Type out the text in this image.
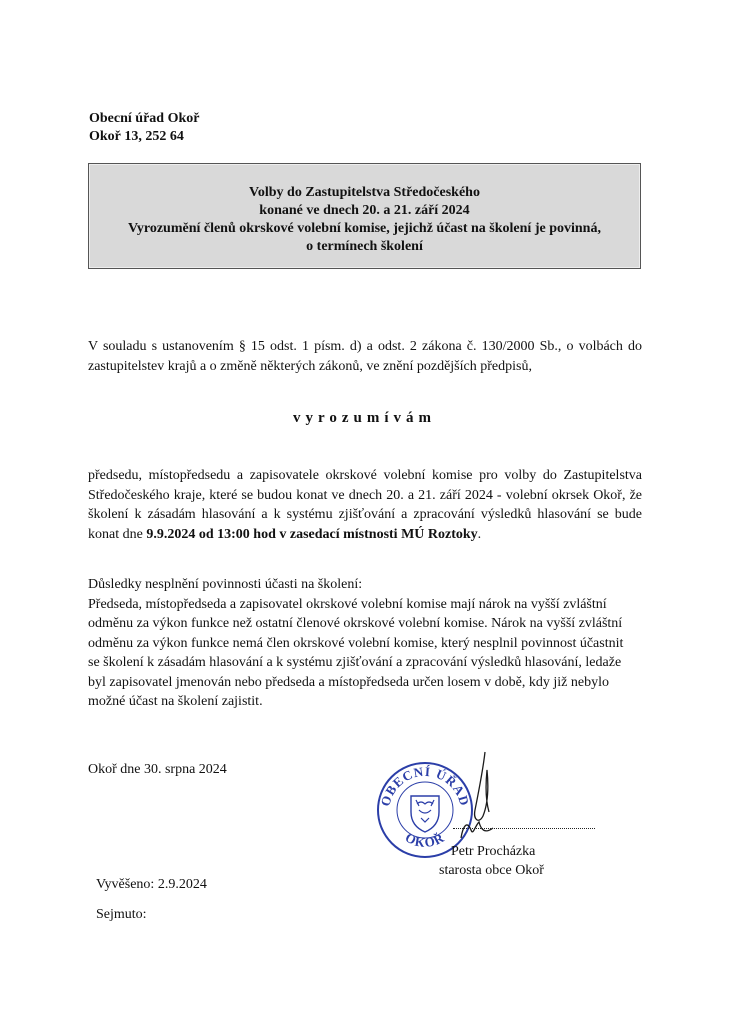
Obecní úřad Okoř
Okoř 13, 252 64
Volby do Zastupitelstva Středočeského
konané ve dnech 20. a 21. září 2024
Vyrozumění členů okrskové volební komise, jejichž účast na školení je povinná,
o termínech školení
V souladu s ustanovením § 15 odst. 1 písm. d) a odst. 2 zákona č. 130/2000 Sb., o volbách do
zastupitelstev krajů a o změně některých zákonů, ve znění pozdějších předpisů,
vyrozumívám
předsedu, místopředsedu a zapisovatele okrskové volební komise pro volby do Zastupitelstva
Středočeského kraje, které se budou konat ve dnech 20. a 21. září 2024 - volební okrsek Okoř, že
školení k zásadám hlasování a k systému zjišťování a zpracování výsledků hlasování se bude
konat dne 9.9.2024 od 13:00 hod v zasedací místnosti MÚ Roztoky.
Důsledky nesplnění povinnosti účasti na školení:
Předseda, místopředseda a zapisovatel okrskové volební komise mají nárok na vyšší zvláštní
odměnu za výkon funkce než ostatní členové okrskové volební komise. Nárok na vyšší zvláštní
odměnu za výkon funkce nemá člen okrskové volební komise, který nesplnil povinnost účastnit
se školení k zásadám hlasování a k systému zjišťování a zpracování výsledků hlasování, ledaže
byl zapisovatel jmenován nebo předseda a místopředseda určen losem v době, kdy již nebylo
možné účast na školení zajistit.
Okoř dne 30. srpna 2024
OBECNÍ ÚŘAD
OKOŘ
Petr Procházka
starosta obce Okoř
Vyvěšeno: 2.9.2024
Sejmuto:
